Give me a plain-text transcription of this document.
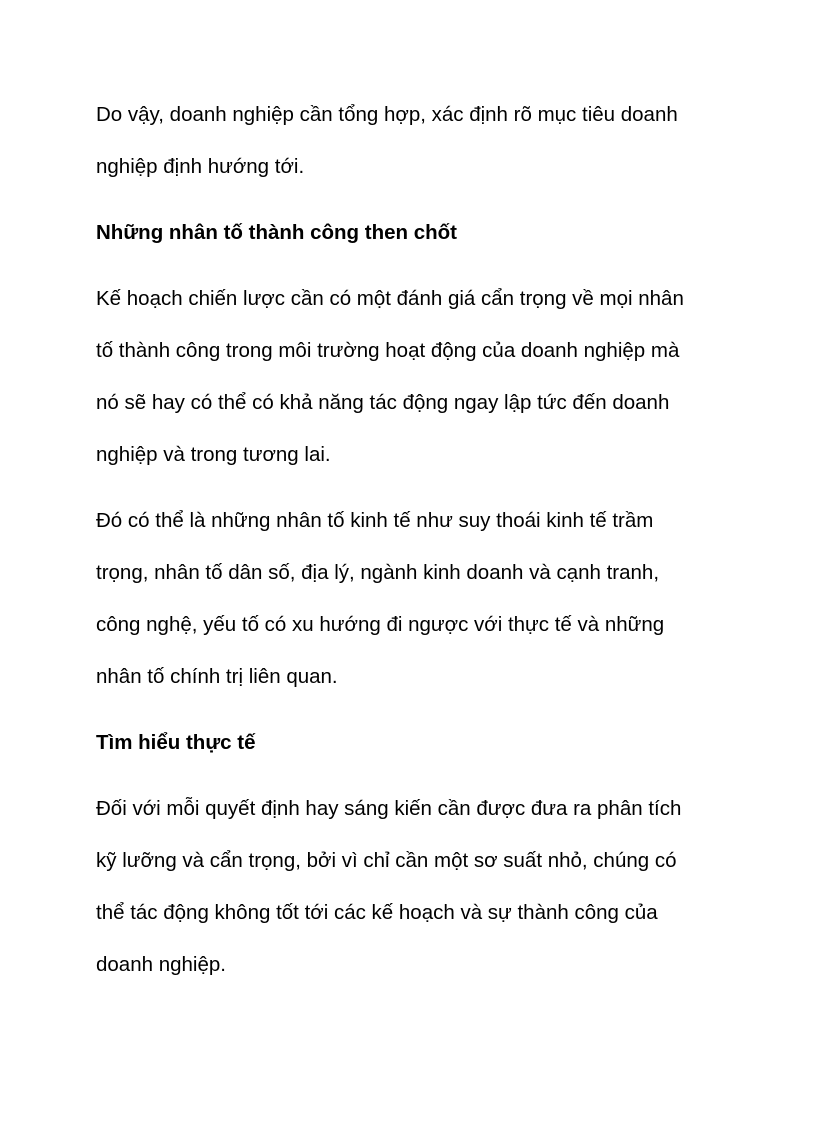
Do vậy, doanh nghiệp cần tổng hợp, xác định rõ mục tiêu doanh
nghiệp định hướng tới.
Những nhân tố thành công then chốt
Kế hoạch chiến lược cần có một đánh giá cẩn trọng về mọi nhân
tố thành công trong môi trường hoạt động của doanh nghiệp mà
nó sẽ hay có thể có khả năng tác động ngay lập tức đến doanh
nghiệp và trong tương lai.
Đó có thể là những nhân tố kinh tế như suy thoái kinh tế trầm
trọng, nhân tố dân số, địa lý, ngành kinh doanh và cạnh tranh,
công nghệ, yếu tố có xu hướng đi ngược với thực tế và những
nhân tố chính trị liên quan.
Tìm hiểu thực tế
Đối với mỗi quyết định hay sáng kiến cần được đưa ra phân tích
kỹ lưỡng và cẩn trọng, bởi vì chỉ cần một sơ suất nhỏ, chúng có
thể tác động không tốt tới các kế hoạch và sự thành công của
doanh nghiệp.
